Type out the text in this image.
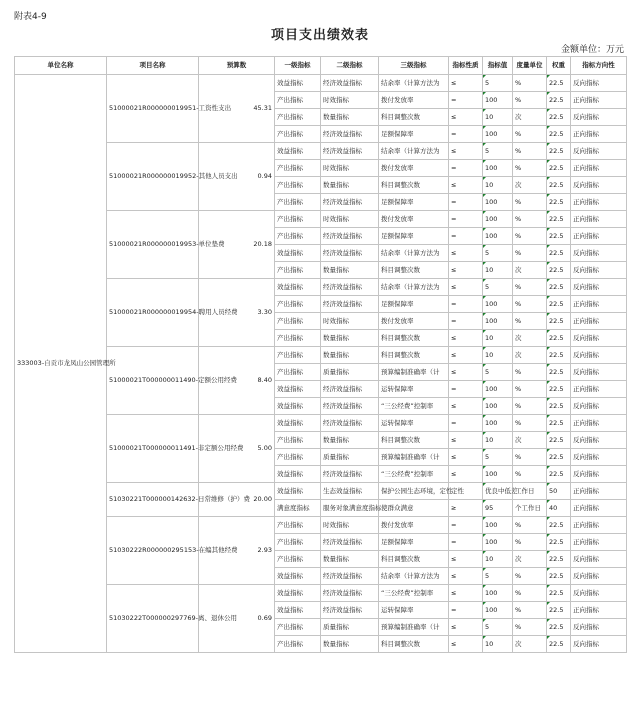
附表4-9
项目支出绩效表
金额单位：万元
单位名称	项目名称	预算数	一级指标	二级指标	三级指标	指标性质	指标值	度量单位	权重	指标方向性
333003-自贡市龙凤山公园管理所	51000021R000000019951-工资性支出	45.31	效益指标	经济效益指标	结余率（计算方法为	≤	5	%	22.5	反向指标
			产出指标	时效指标	拨付发放率	=	100	%	22.5	正向指标
			产出指标	数量指标	科目调整次数	≤	10	次	22.5	反向指标
			产出指标	经济效益指标	足额保障率	=	100	%	22.5	正向指标
	51000021R000000019952-其他人员支出	0.94	效益指标	经济效益指标	结余率（计算方法为	≤	5	%	22.5	反向指标
			产出指标	时效指标	拨付发放率	=	100	%	22.5	正向指标
			产出指标	数量指标	科目调整次数	≤	10	次	22.5	反向指标
			产出指标	经济效益指标	足额保障率	=	100	%	22.5	正向指标
	51000021R000000019953-单位垫费	20.18	产出指标	时效指标	拨付发放率	=	100	%	22.5	正向指标
			产出指标	经济效益指标	足额保障率	=	100	%	22.5	正向指标
			效益指标	经济效益指标	结余率（计算方法为	≤	5	%	22.5	反向指标
			产出指标	数量指标	科目调整次数	≤	10	次	22.5	反向指标
	51000021R000000019954-聘用人员经费	3.30	效益指标	经济效益指标	结余率（计算方法为	≤	5	%	22.5	反向指标
			产出指标	经济效益指标	足额保障率	=	100	%	22.5	正向指标
			产出指标	时效指标	拨付发放率	=	100	%	22.5	正向指标
			产出指标	数量指标	科目调整次数	≤	10	次	22.5	反向指标
	51000021T000000011490-定额公用经费	8.40	产出指标	数量指标	科目调整次数	≤	10	次	22.5	反向指标
			产出指标	质量指标	预算编制准确率（计	≤	5	%	22.5	反向指标
			效益指标	经济效益指标	运转保障率	=	100	%	22.5	正向指标
			效益指标	经济效益指标	“三公经费”控制率	≤	100	%	22.5	反向指标
	51000021T000000011491-非定额公用经费	5.00	效益指标	经济效益指标	运转保障率	=	100	%	22.5	正向指标
			产出指标	数量指标	科目调整次数	≤	10	次	22.5	反向指标
			产出指标	质量指标	预算编制准确率（计	≤	5	%	22.5	反向指标
			效益指标	经济效益指标	“三公经费”控制率	≤	100	%	22.5	反向指标
	51030221T000000142632-日常维修（护）费	20.00	效益指标	生态效益指标	保护公园生态环境，定性	定性	优良中低差	工作日	50	正向指标
			满意度指标	服务对象满意度指标	使群众满意	≥	95	个工作日	40	正向指标
	51030222R000000295153-在编其他经费	2.93	产出指标	时效指标	拨付发放率	=	100	%	22.5	正向指标
			产出指标	经济效益指标	足额保障率	=	100	%	22.5	正向指标
			产出指标	数量指标	科目调整次数	≤	10	次	22.5	反向指标
			效益指标	经济效益指标	结余率（计算方法为	≤	5	%	22.5	反向指标
	51030222T000000297769-离、退休公用	0.69	效益指标	经济效益指标	“三公经费”控制率	≤	100	%	22.5	反向指标
			效益指标	经济效益指标	运转保障率	=	100	%	22.5	正向指标
			产出指标	质量指标	预算编制准确率（计	≤	5	%	22.5	反向指标
			产出指标	数量指标	科目调整次数	≤	10	次	22.5	反向指标
